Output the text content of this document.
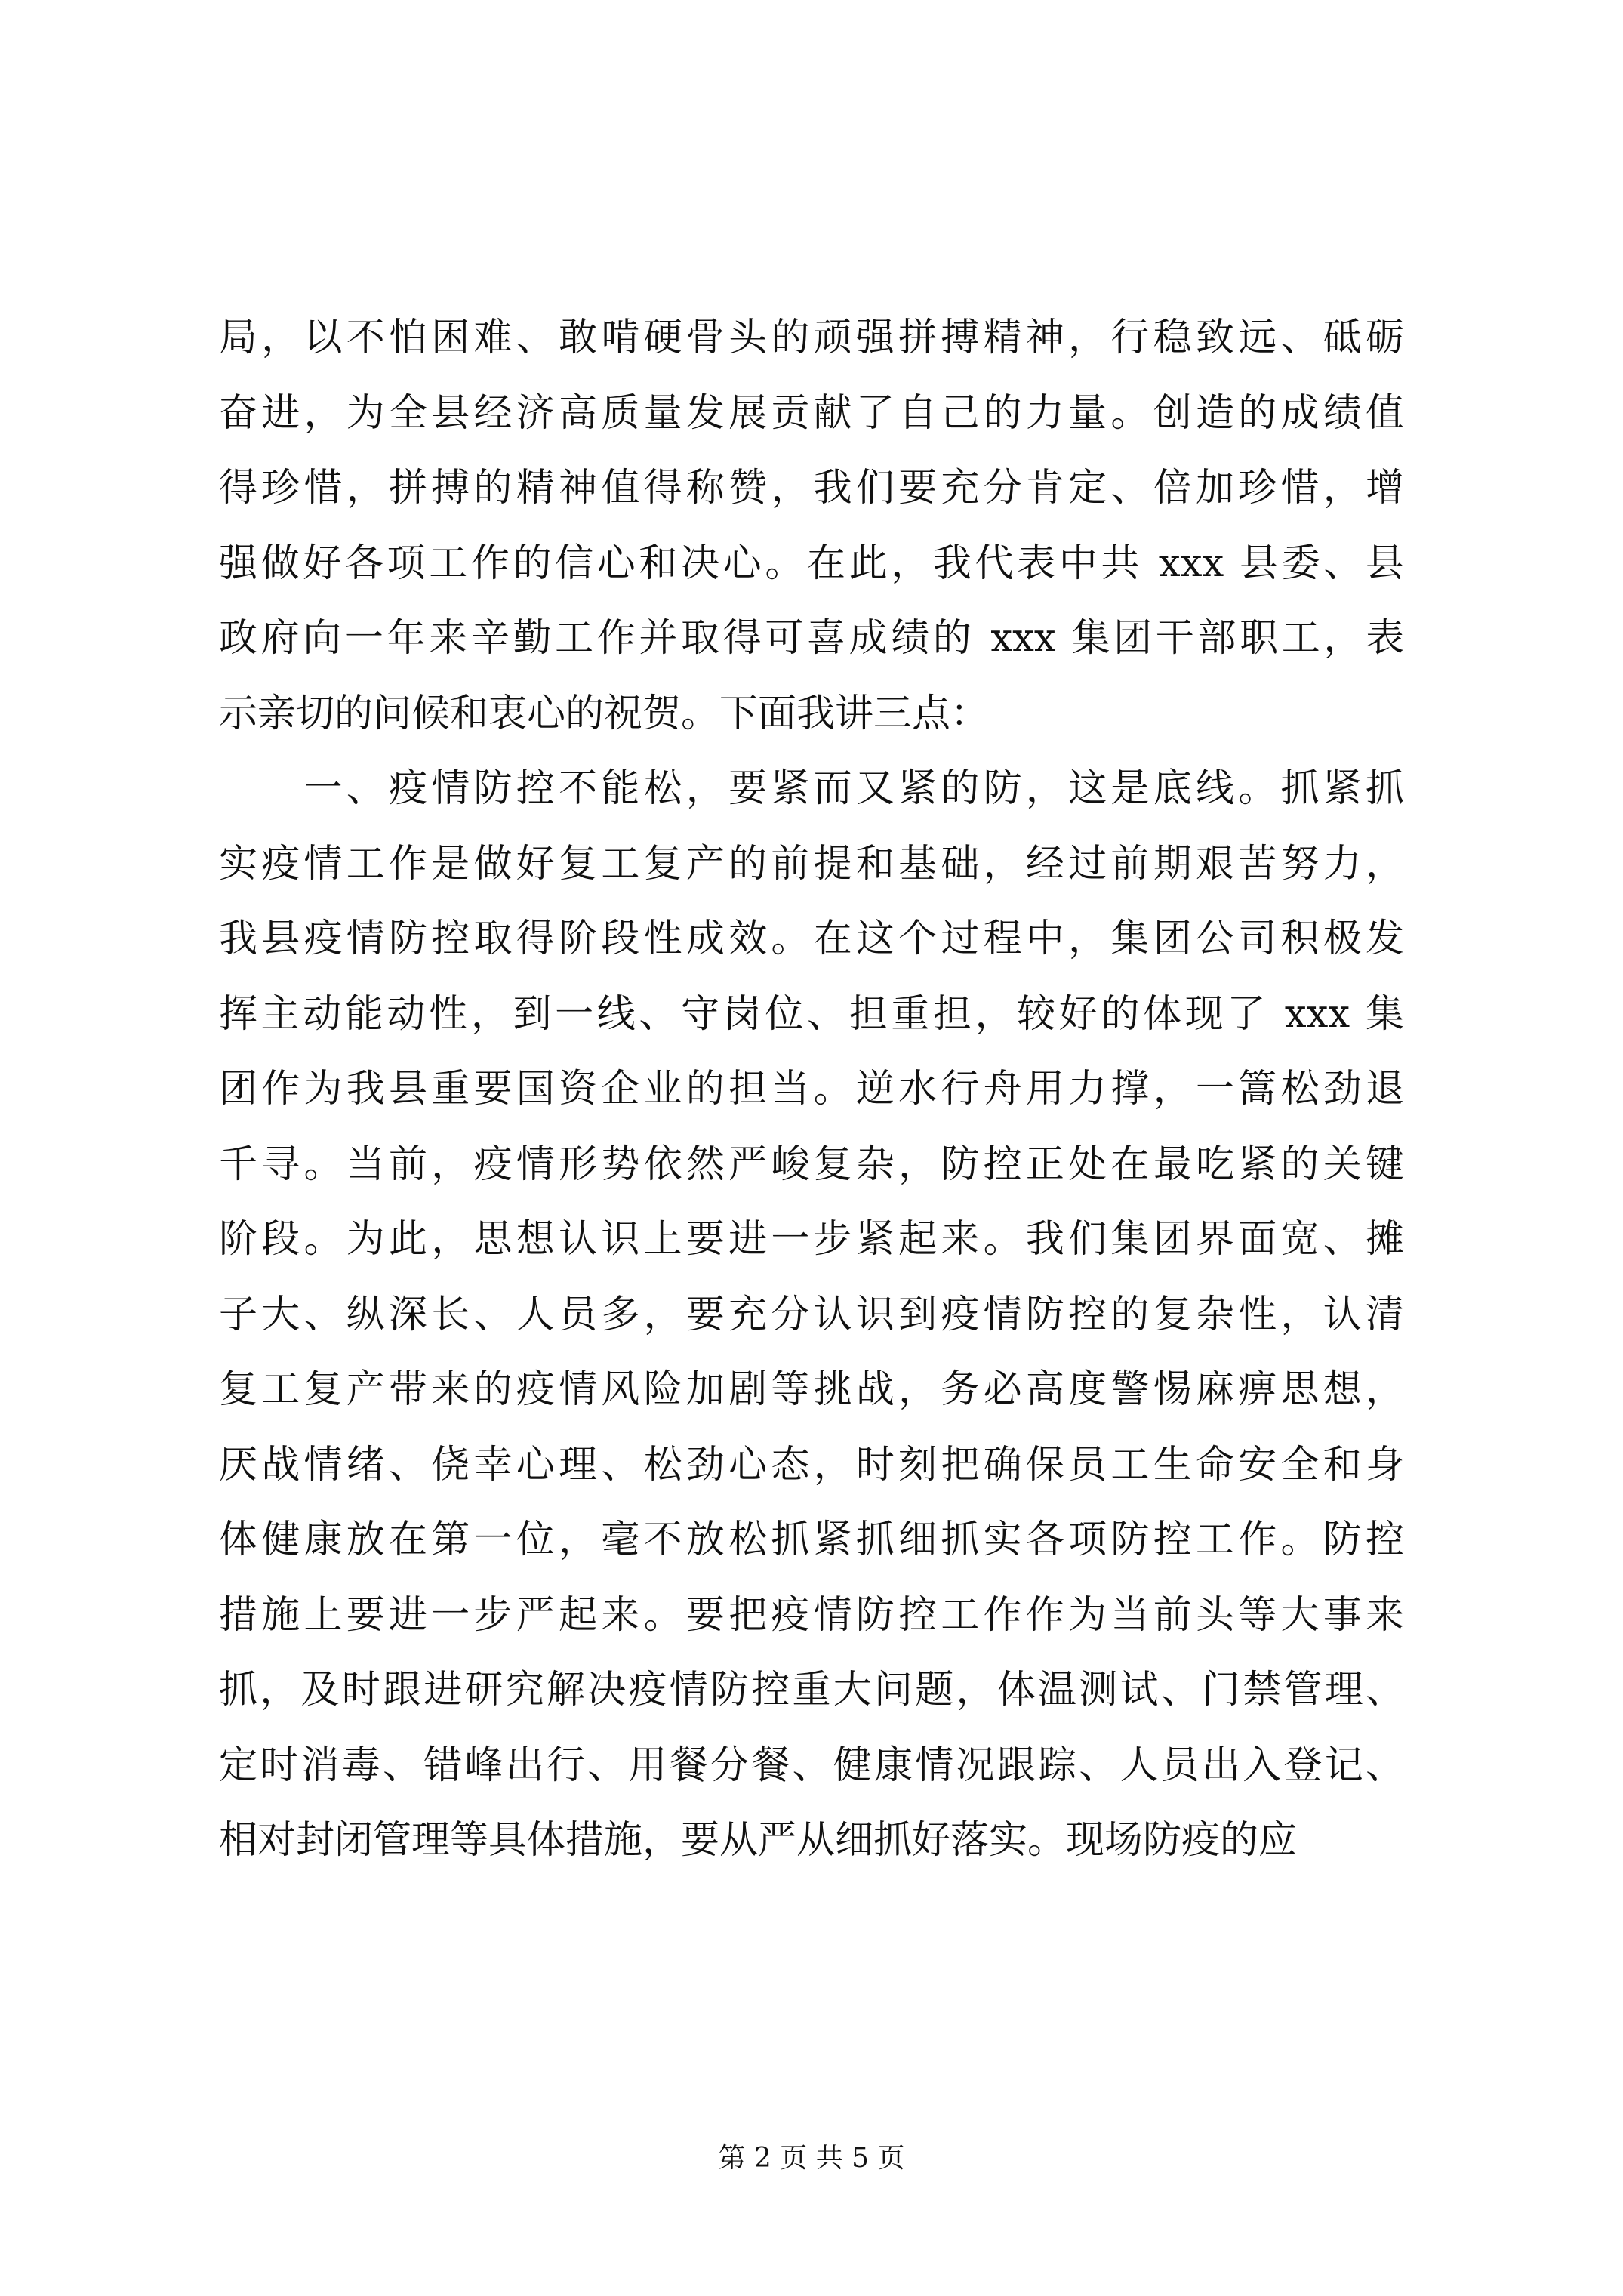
局，以不怕困难、敢啃硬骨头的顽强拼搏精神，行稳致远、砥砺
奋进，为全县经济高质量发展贡献了自己的力量。创造的成绩值
得珍惜，拼搏的精神值得称赞，我们要充分肯定、倍加珍惜，增
强做好各项工作的信心和决心。在此，我代表中共 xxx 县委、县
政府向一年来辛勤工作并取得可喜成绩的 xxx 集团干部职工，表
示亲切的问候和衷心的祝贺。下面我讲三点：
　　一、疫情防控不能松，要紧而又紧的防，这是底线。抓紧抓
实疫情工作是做好复工复产的前提和基础，经过前期艰苦努力，
我县疫情防控取得阶段性成效。在这个过程中，集团公司积极发
挥主动能动性，到一线、守岗位、担重担，较好的体现了 xxx 集
团作为我县重要国资企业的担当。逆水行舟用力撑，一篙松劲退
千寻。当前，疫情形势依然严峻复杂，防控正处在最吃紧的关键
阶段。为此，思想认识上要进一步紧起来。我们集团界面宽、摊
子大、纵深长、人员多，要充分认识到疫情防控的复杂性，认清
复工复产带来的疫情风险加剧等挑战，务必高度警惕麻痹思想，
厌战情绪、侥幸心理、松劲心态，时刻把确保员工生命安全和身
体健康放在第一位，毫不放松抓紧抓细抓实各项防控工作。防控
措施上要进一步严起来。要把疫情防控工作作为当前头等大事来
抓，及时跟进研究解决疫情防控重大问题，体温测试、门禁管理、
定时消毒、错峰出行、用餐分餐、健康情况跟踪、人员出入登记、
相对封闭管理等具体措施，要从严从细抓好落实。现场防疫的应
第 2 页 共 5 页
